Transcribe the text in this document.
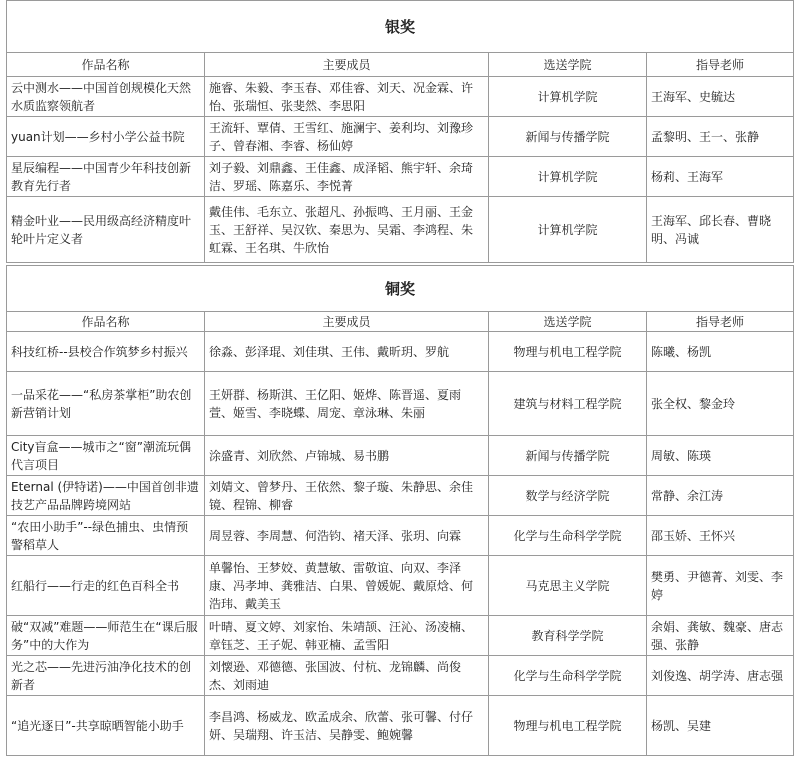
银奖			
作品名称	主要成员	选送学院	指导老师
云中测水——中国首创规模化天然水质监察领航者	施睿、朱毅、李玉春、邓佳睿、刘天、况金霖、许怡、张瑞恒、张斐然、李思阳	计算机学院	王海军、史毓达
yuan计划——乡村小学公益书院	王流轩、覃倩、王雪红、施澜宇、姜利均、刘豫珍子、曾春湘、李睿、杨仙婷	新闻与传播学院	孟黎明、王一、张静
星辰编程——中国青少年科技创新教育先行者	刘子毅、刘鼎鑫、王佳鑫、成泽韬、熊宇轩、余琦洁、罗瑶、陈嘉乐、李悦菁	计算机学院	杨莉、王海军
精金叶业——民用级高经济精度叶轮叶片定义者	戴佳伟、毛东立、张超凡、孙振鸣、王月丽、王金玉、王舒祥、吴汉钦、秦思为、吴霜、李鸿程、朱虹霖、王名琪、牛欣怡	计算机学院	王海军、邱长春、曹晓明、冯诚
铜奖			
作品名称	主要成员	选送学院	指导老师
科技红桥--县校合作筑梦乡村振兴	徐淼、彭泽琨、刘佳琪、王伟、戴昕玥、罗航	物理与机电工程学院	陈曦、杨凯
一品采花——“私房茶掌柜”助农创新营销计划	王妍群、杨斯淇、王亿阳、姬烨、陈晋遥、夏雨萱、姬雪、李晓蝶、周宠、章泳琳、朱丽	建筑与材料工程学院	张全权、黎金玲
City盲盒——城市之“窗”潮流玩偶代言项目	涂盛青、刘欣然、卢锦城、易书鹏	新闻与传播学院	周敏、陈瑛
Eternal (伊特诺)——中国首创非遗技艺产品品牌跨境网站	刘婧文、曾梦丹、王依然、黎子璇、朱静思、余佳镜、程锦、柳睿	数学与经济学院	常静、余江涛
“农田小助手”--绿色捕虫、虫情预警稻草人	周昱蓉、李周慧、何浩钧、褚天泽、张玥、向霖	化学与生命科学学院	邵玉娇、王怀兴
红船行——行走的红色百科全书	单馨怡、王梦姣、黄慧敏、雷敬谊、向双、李泽康、冯孝坤、龚雅洁、白果、曾媛妮、戴原焓、何浩玮、戴美玉	马克思主义学院	樊勇、尹德菁、刘雯、李婷
破“双减”难题——师范生在“课后服务”中的大作为	叶晴、夏文婷、刘家怡、朱靖颉、汪沁、汤凌楠、章钰芝、王子妮、韩亚楠、孟雪阳	教育科学学院	余娟、龚敏、魏豪、唐志强、张静
光之芯——先进污油净化技术的创新者	刘懐逊、邓德德、张国波、付杭、龙锦麟、尚俊杰、刘雨迪	化学与生命科学学院	刘俊逸、胡学涛、唐志强
“追光逐日”-共享晾晒智能小助手	李昌鸿、杨威龙、欧孟成余、欣蕾、张可馨、付仔妍、吴瑞翔、许玉洁、吴静雯、鲍婉馨	物理与机电工程学院	杨凯、吴建
